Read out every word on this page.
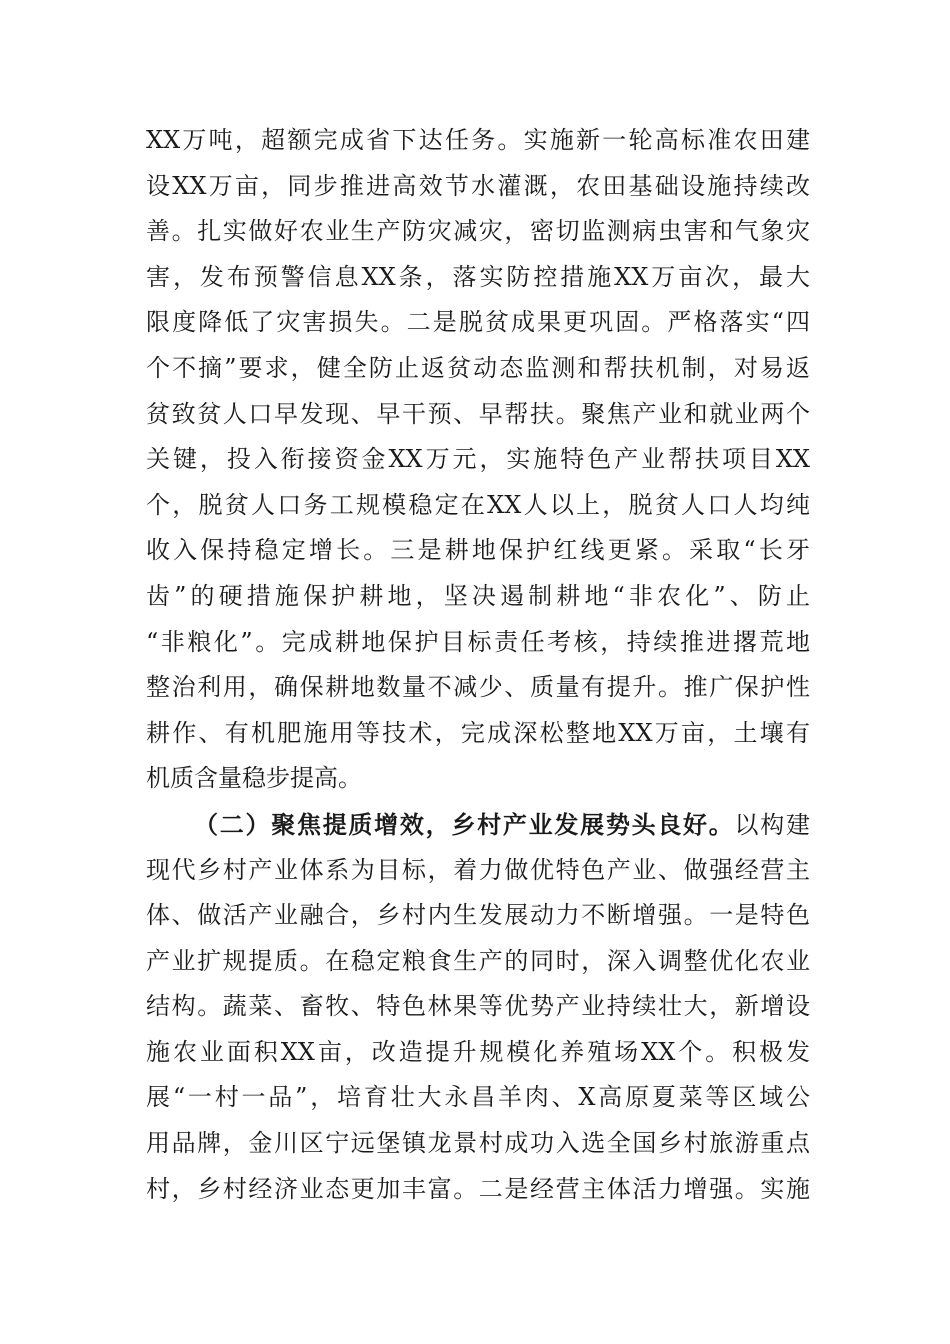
XX万吨，超额完成省下达任务。实施新一轮高标准农田建
设XX万亩，同步推进高效节水灌溉，农田基础设施持续改
善。扎实做好农业生产防灾减灾，密切监测病虫害和气象灾
害，发布预警信息XX条，落实防控措施XX万亩次，最大
限度降低了灾害损失。二是脱贫成果更巩固。严格落实“四
个不摘”要求，健全防止返贫动态监测和帮扶机制，对易返
贫致贫人口早发现、早干预、早帮扶。聚焦产业和就业两个
关键，投入衔接资金XX万元，实施特色产业帮扶项目XX
个，脱贫人口务工规模稳定在XX人以上，脱贫人口人均纯
收入保持稳定增长。三是耕地保护红线更紧。采取“长牙
齿”的硬措施保护耕地，坚决遏制耕地“非农化”、防止
“非粮化”。完成耕地保护目标责任考核，持续推进撂荒地
整治利用，确保耕地数量不减少、质量有提升。推广保护性
耕作、有机肥施用等技术，完成深松整地XX万亩，土壤有
机质含量稳步提高。
（二）聚焦提质增效，乡村产业发展势头良好。以构建
现代乡村产业体系为目标，着力做优特色产业、做强经营主
体、做活产业融合，乡村内生发展动力不断增强。一是特色
产业扩规提质。在稳定粮食生产的同时，深入调整优化农业
结构。蔬菜、畜牧、特色林果等优势产业持续壮大，新增设
施农业面积XX亩，改造提升规模化养殖场XX个。积极发
展“一村一品”，培育壮大永昌羊肉、X高原夏菜等区域公
用品牌，金川区宁远堡镇龙景村成功入选全国乡村旅游重点
村，乡村经济业态更加丰富。二是经营主体活力增强。实施
